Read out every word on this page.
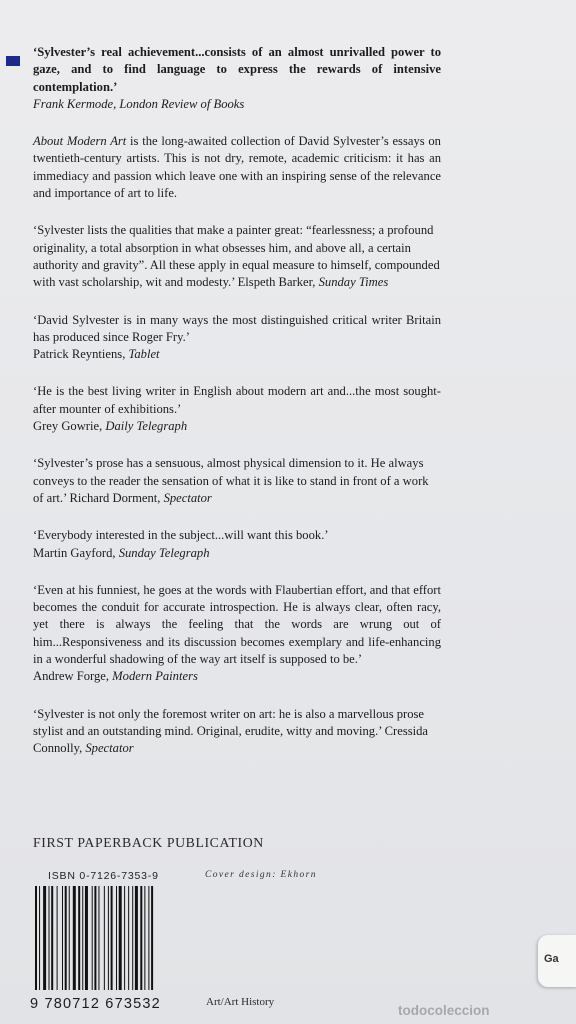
‘Sylvester’s real achievement...consists of an almost unrivalled power to gaze, and to find language to express the rewards of intensive contemplation.’
Frank Kermode, London Review of Books
About Modern Art is the long-awaited collection of David Sylvester’s essays on twentieth-century artists. This is not dry, remote, academic criticism: it has an immediacy and passion which leave one with an inspiring sense of the relevance and importance of art to life.
‘Sylvester lists the qualities that make a painter great: “fearlessness; a profound originality, a total absorption in what obsesses him, and above all, a certain authority and gravity”. All these apply in equal measure to himself, compounded with vast scholarship, wit and modesty.’ Elspeth Barker, Sunday Times
‘David Sylvester is in many ways the most distinguished critical writer Britain has produced since Roger Fry.’
Patrick Reyntiens, Tablet
‘He is the best living writer in English about modern art and...the most sought-after mounter of exhibitions.’
Grey Gowrie, Daily Telegraph
‘Sylvester’s prose has a sensuous, almost physical dimension to it. He always conveys to the reader the sensation of what it is like to stand in front of a work of art.’ Richard Dorment, Spectator
‘Everybody interested in the subject...will want this book.’
Martin Gayford, Sunday Telegraph
‘Even at his funniest, he goes at the words with Flaubertian effort, and that effort becomes the conduit for accurate introspection. He is always clear, often racy, yet there is always the feeling that the words are wrung out of him...Responsiveness and its discussion becomes exemplary and life-enhancing in a wonderful shadowing of the way art itself is supposed to be.’
Andrew Forge, Modern Painters
‘Sylvester is not only the foremost writer on art: he is also a marvellous prose stylist and an outstanding mind. Original, erudite, witty and moving.’ Cressida Connolly, Spectator
FIRST PAPERBACK PUBLICATION
ISBN 0-7126-7353-9	Cover design: Ekhorn
9 780712 673532	Art/Art History
Ga
todocoleccion
